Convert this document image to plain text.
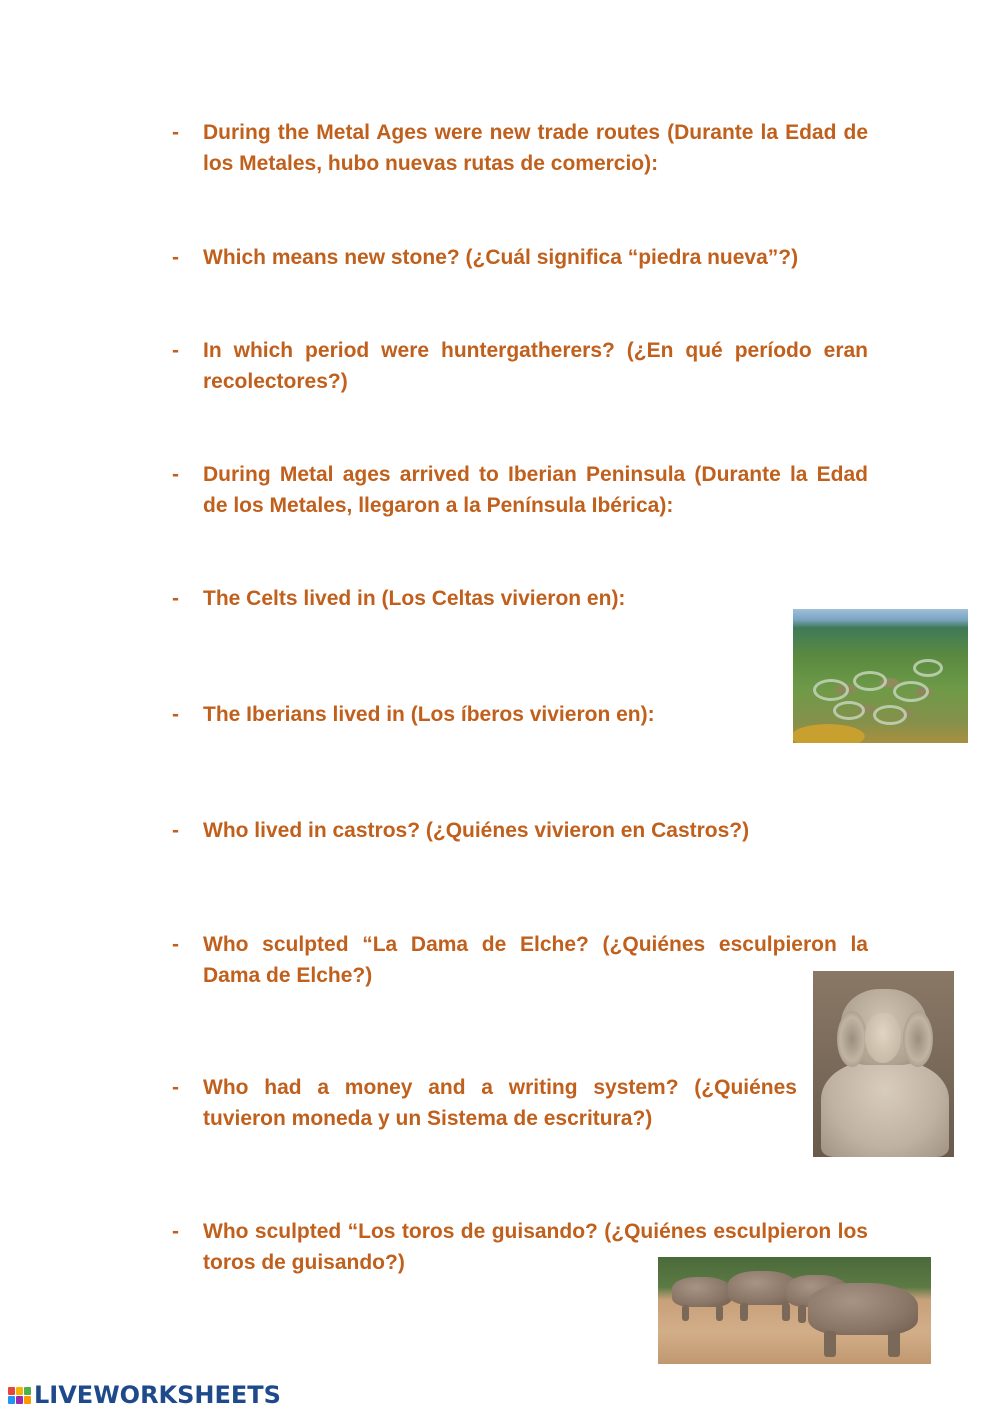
-	During the Metal Ages were new trade routes (Durante la Edad de los Metales, hubo nuevas rutas de comercio):
-	Which means new stone? (¿Cuál significa “piedra nueva”?)
-	In which period were huntergatherers? (¿En qué período eran recolectores?)
-	During Metal ages arrived to Iberian Peninsula (Durante la Edad de los Metales, llegaron a la Península Ibérica):
-	The Celts lived in (Los Celtas vivieron en):
-	The Iberians lived in (Los íberos vivieron en):
-	Who lived in castros? (¿Quiénes vivieron en Castros?)
-	Who sculpted “La Dama de Elche? (¿Quiénes esculpieron la Dama de Elche?)
-	Who had a money and a writing system? (¿Quiénes tuvieron moneda y un Sistema de escritura?)
-	Who sculpted “Los toros de guisando? (¿Quiénes esculpieron los toros de guisando?)
LIVEWORKSHEETS
